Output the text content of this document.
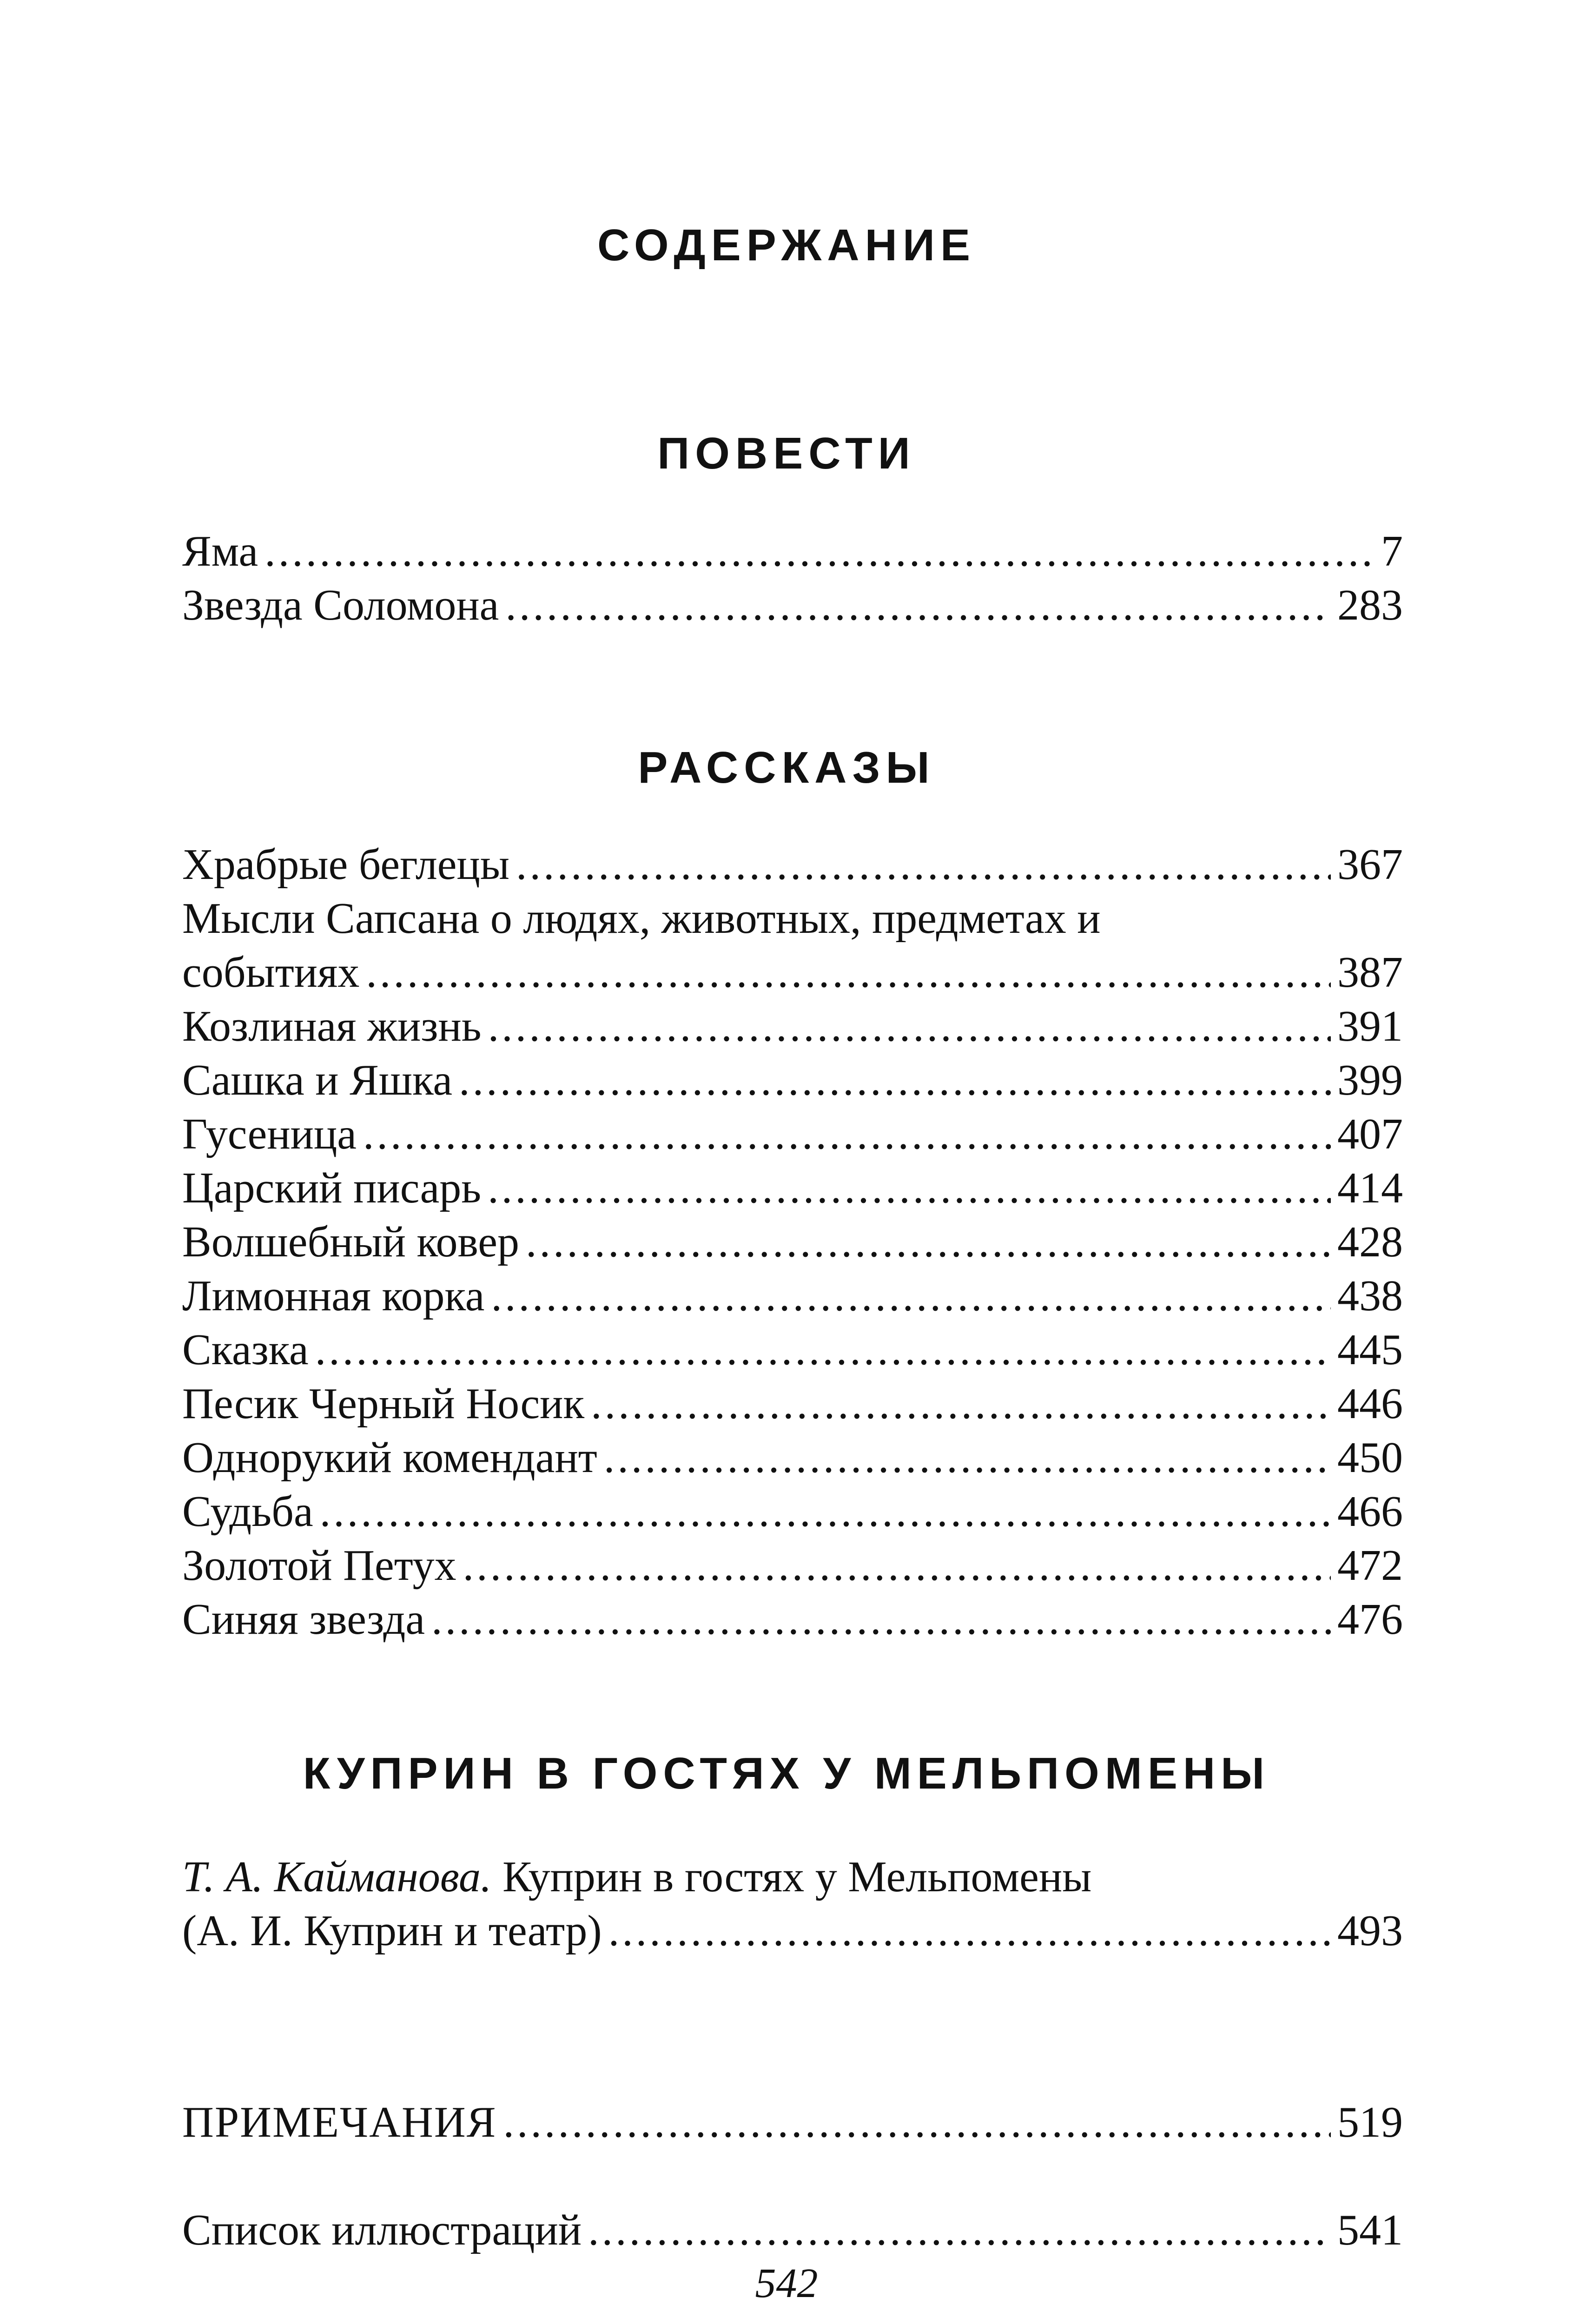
СОДЕРЖАНИЕ
ПОВЕСТИ
Яма .....	7
Звезда Соломона .....	283
РАССКАЗЫ
Храбрые беглецы .....	367
Мысли Сапсана о людях, животных, предметах и
событиях .....	387
Козлиная жизнь .....	391
Сашка и Яшка .....	399
Гусеница .....	407
Царский писарь .....	414
Волшебный ковер .....	428
Лимонная корка .....	438
Сказка .....	445
Песик Черный Носик .....	446
Однорукий комендант .....	450
Судьба .....	466
Золотой Петух .....	472
Синяя звезда .....	476
КУПРИН В ГОСТЯХ У МЕЛЬПОМЕНЫ
Т. А. Кайманова. Куприн в гостях у Мельпомены
(А. И. Куприн и театр) .....	493
ПРИМЕЧАНИЯ .....	519
Список иллюстраций .....	541
542
